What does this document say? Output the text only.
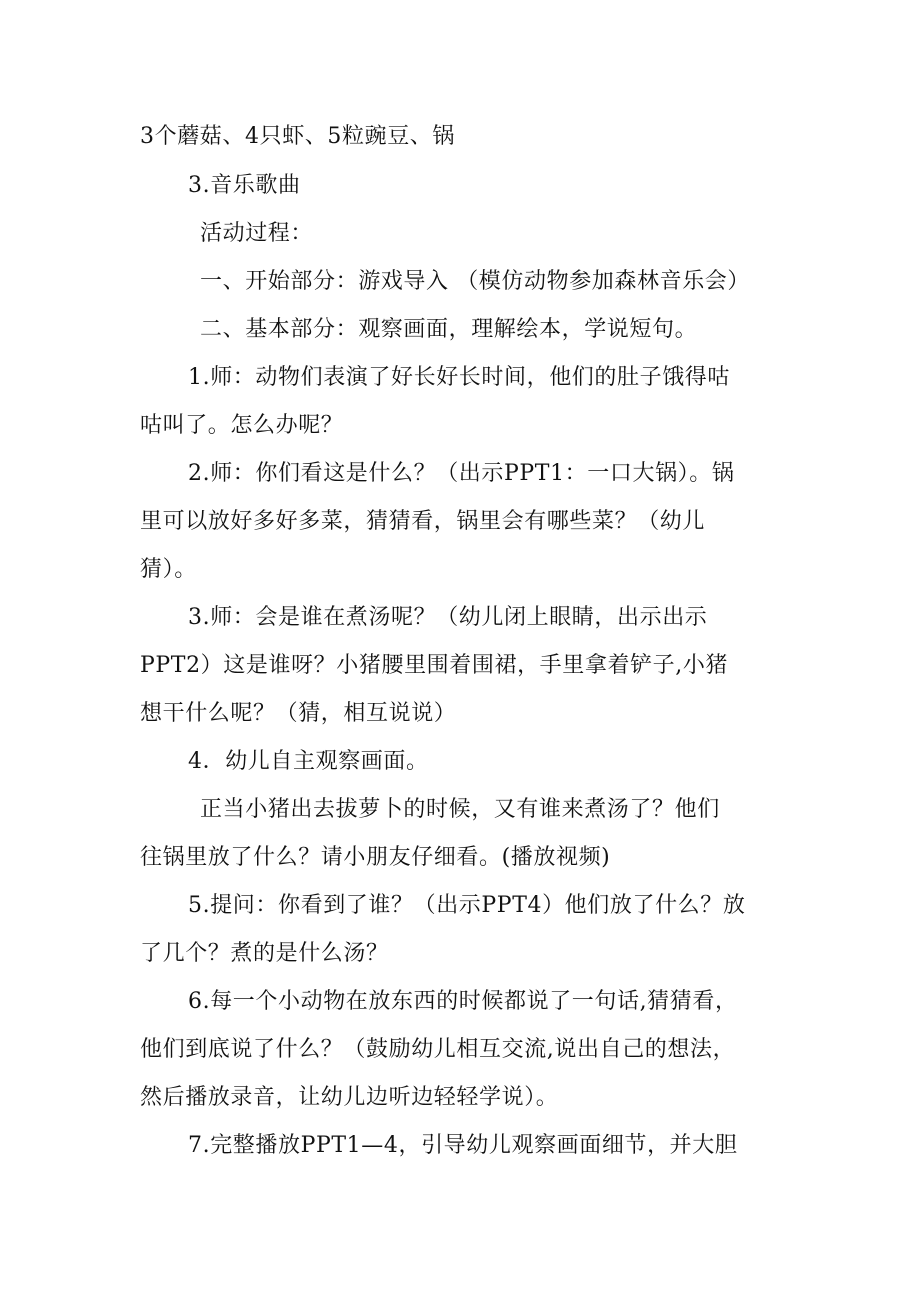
3个蘑菇、4只虾、5粒豌豆、锅
3.音乐歌曲
活动过程：
一、开始部分：游戏导入 （模仿动物参加森林音乐会）
二、基本部分：观察画面，理解绘本，学说短句。
1.师：动物们表演了好长好长时间，他们的肚子饿得咕
咕叫了。怎么办呢？
2.师：你们看这是什么？（出示PPT1：一口大锅）。锅
里可以放好多好多菜，猜猜看，锅里会有哪些菜？（幼儿
猜）。
3.师：会是谁在煮汤呢？（幼儿闭上眼睛，出示出示
PPT2）这是谁呀？小猪腰里围着围裙，手里拿着铲子,小猪
想干什么呢？（猜，相互说说）
4．幼儿自主观察画面。
正当小猪出去拔萝卜的时候，又有谁来煮汤了？他们
往锅里放了什么？请小朋友仔细看。(播放视频)
5.提问：你看到了谁？（出示PPT4）他们放了什么？放
了几个？煮的是什么汤？
6.每一个小动物在放东西的时候都说了一句话,猜猜看，
他们到底说了什么？（鼓励幼儿相互交流,说出自己的想法，
然后播放录音，让幼儿边听边轻轻学说）。
7.完整播放PPT1—4，引导幼儿观察画面细节，并大胆
